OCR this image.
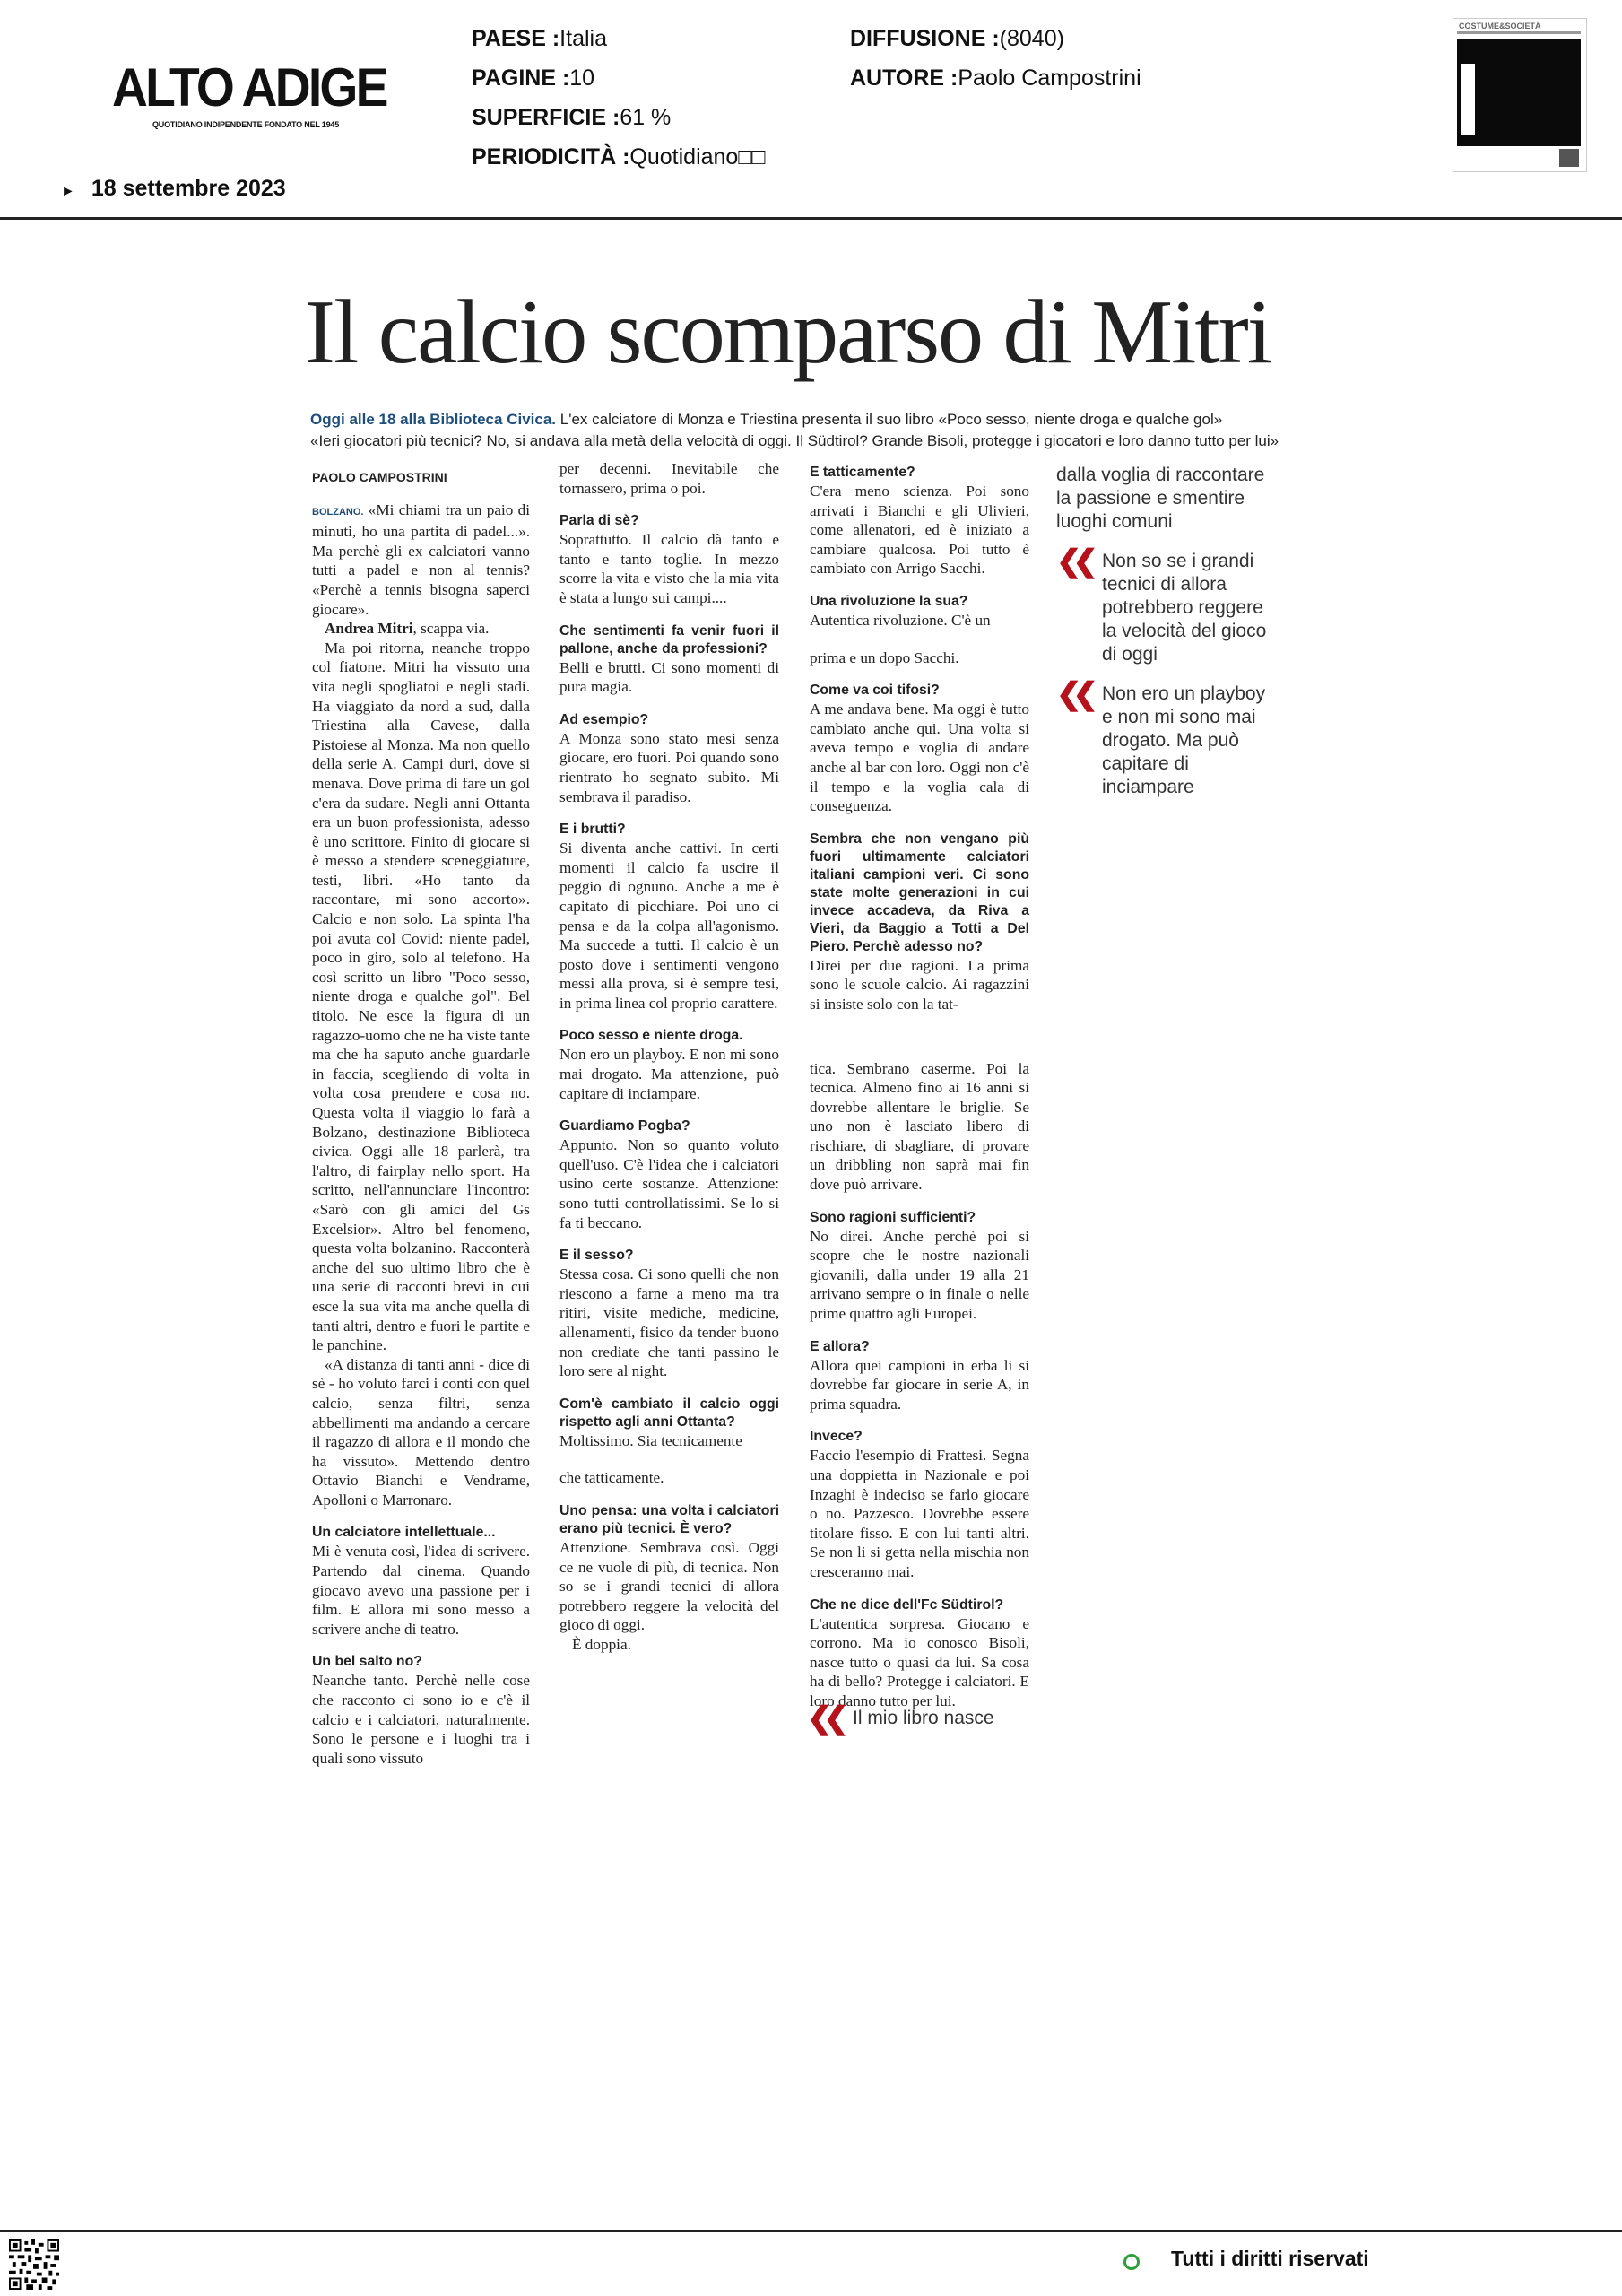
ALTO ADIGE
QUOTIDIANO INDIPENDENTE FONDATO NEL 1945
► 18 settembre 2023
PAESE :Italia
PAGINE :10
SUPERFICIE :61 %
PERIODICITÀ :Quotidiano□□
DIFFUSIONE :(8040)
AUTORE :Paolo Campostrini
COSTUME&SOCIETÀ
Il calcio scomparso di Mitri
Oggi alle 18 alla Biblioteca Civica. L'ex calciatore di Monza e Triestina presenta il suo libro «Poco sesso, niente droga e qualche gol»
«Ieri giocatori più tecnici? No, si andava alla metà della velocità di oggi. Il Südtirol? Grande Bisoli, protegge i giocatori e loro danno tutto per lui»
PAOLO CAMPOSTRINI

BOLZANO. «Mi chiami tra un paio di minuti, ho una partita di padel...». Ma perchè gli ex calciatori vanno tutti a padel e non al tennis? «Perchè a tennis bisogna saperci giocare».

Andrea Mitri, scappa via.

Ma poi ritorna, neanche troppo col fiatone. Mitri ha vissuto una vita negli spogliatoi e negli stadi. Ha viaggiato da nord a sud, dalla Triestina alla Cavese, dalla Pistoiese al Monza. Ma non quello della serie A. Campi duri, dove si menava. Dove prima di fare un gol c'era da sudare. Negli anni Ottanta era un buon professionista, adesso è uno scrittore. Finito di giocare si è messo a stendere sceneggiature, testi, libri. «Ho tanto da raccontare, mi sono accorto». Calcio e non solo. La spinta l'ha poi avuta col Covid: niente padel, poco in giro, solo al telefono. Ha così scritto un libro "Poco sesso, niente droga e qualche gol". Bel titolo. Ne esce la figura di un ragazzo-uomo che ne ha viste tante ma che ha saputo anche guardarle in faccia, scegliendo di volta in volta cosa prendere e cosa no. Questa volta il viaggio lo farà a Bolzano, destinazione Biblioteca civica. Oggi alle 18 parlerà, tra l'altro, di fairplay nello sport. Ha scritto, nell'annunciare l'incontro: «Sarò con gli amici del Gs Excelsior». Altro bel fenomeno, questa volta bolzanino. Racconterà anche del suo ultimo libro che è una serie di racconti brevi in cui esce la sua vita ma anche quella di tanti altri, dentro e fuori le partite e le panchine.

«A distanza di tanti anni - dice di sè - ho voluto farci i conti con quel calcio, senza filtri, senza abbellimenti ma andando a cercare il ragazzo di allora e il mondo che ha vissuto». Mettendo dentro Ottavio Bianchi e Vendrame, Apolloni o Marronaro.

Un calciatore intellettuale...

Mi è venuta così, l'idea di scrivere. Partendo dal cinema. Quando giocavo avevo una passione per i film. E allora mi sono messo a scrivere anche di teatro.

Un bel salto no?

Neanche tanto. Perchè nelle cose che racconto ci sono io e c'è il calcio e i calciatori, naturalmente. Sono le persone e i luoghi tra i quali sono vissuto

per decenni. Inevitabile che tornassero, prima o poi.

Parla di sè?

Soprattutto. Il calcio dà tanto e tanto e tanto toglie. In mezzo scorre la vita e visto che la mia vita è stata a lungo sui campi....

Che sentimenti fa venir fuori il pallone, anche da professioni?

Belli e brutti. Ci sono momenti di pura magia.

Ad esempio?

A Monza sono stato mesi senza giocare, ero fuori. Poi quando sono rientrato ho segnato subito. Mi sembrava il paradiso.

E i brutti?

Si diventa anche cattivi. In certi momenti il calcio fa uscire il peggio di ognuno. Anche a me è capitato di picchiare. Poi uno ci pensa e da la colpa all'agonismo. Ma succede a tutti. Il calcio è un posto dove i sentimenti vengono messi alla prova, si è sempre tesi, in prima linea col proprio carattere.

Poco sesso e niente droga.

Non ero un playboy. E non mi sono mai drogato. Ma attenzione, può capitare di inciampare.

Guardiamo Pogba?

Appunto. Non so quanto voluto quell'uso. C'è l'idea che i calciatori usino certe sostanze. Attenzione: sono tutti controllatissimi. Se lo si fa ti beccano.

E il sesso?

Stessa cosa. Ci sono quelli che non riescono a farne a meno ma tra ritiri, visite mediche, medicine, allenamenti, fisico da tender buono non crediate che tanti passino le loro sere al night.

Com'è cambiato il calcio oggi rispetto agli anni Ottanta?

Moltissimo. Sia tecnicamente

che tatticamente.

Uno pensa: una volta i calciatori erano più tecnici. È vero?

Attenzione. Sembrava così. Oggi ce ne vuole di più, di tecnica. Non so se i grandi tecnici di allora potrebbero reggere la velocità del gioco di oggi.

È doppia.

E tatticamente?

C'era meno scienza. Poi sono arrivati i Bianchi e gli Ulivieri, come allenatori, ed è iniziato a cambiare qualcosa. Poi tutto è cambiato con Arrigo Sacchi.

Una rivoluzione la sua?

Autentica rivoluzione. C'è un

prima e un dopo Sacchi.

Come va coi tifosi?

A me andava bene. Ma oggi è tutto cambiato anche qui. Una volta si aveva tempo e voglia di andare anche al bar con loro. Oggi non c'è il tempo e la voglia cala di conseguenza.

Sembra che non vengano più fuori ultimamente calciatori italiani campioni veri. Ci sono state molte generazioni in cui invece accadeva, da Riva a Vieri, da Baggio a Totti a Del Piero. Perchè adesso no?

Direi per due ragioni. La prima sono le scuole calcio. Ai ragazzini si insiste solo con la tat-

tica. Sembrano caserme. Poi la tecnica. Almeno fino ai 16 anni si dovrebbe allentare le briglie. Se uno non è lasciato libero di rischiare, di sbagliare, di provare un dribbling non saprà mai fin dove può arrivare.

Sono ragioni sufficienti?

No direi. Anche perchè poi si scopre che le nostre nazionali giovanili, dalla under 19 alla 21 arrivano sempre o in finale o nelle prime quattro agli Europei.

E allora?

Allora quei campioni in erba li si dovrebbe far giocare in serie A, in prima squadra.

Invece?

Faccio l'esempio di Frattesi. Segna una doppietta in Nazionale e poi Inzaghi è indeciso se farlo giocare o no. Pazzesco. Dovrebbe essere titolare fisso. E con lui tanti altri. Se non li si getta nella mischia non cresceranno mai.

Che ne dice dell'Fc Südtirol?

L'autentica sorpresa. Giocano e corrono. Ma io conosco Bisoli, nasce tutto o quasi da lui. Sa cosa ha di bello? Protegge i calciatori. E loro danno tutto per lui.

dalla voglia di raccontare la passione e smentire luoghi comuni
❮❮ Non so se i grandi tecnici di allora potrebbero reggere la velocità del gioco di oggi
❮❮ Non ero un playboy e non mi sono mai drogato. Ma può capitare di inciampare
❮❮ Il mio libro nasce
Tutti i diritti riservati
